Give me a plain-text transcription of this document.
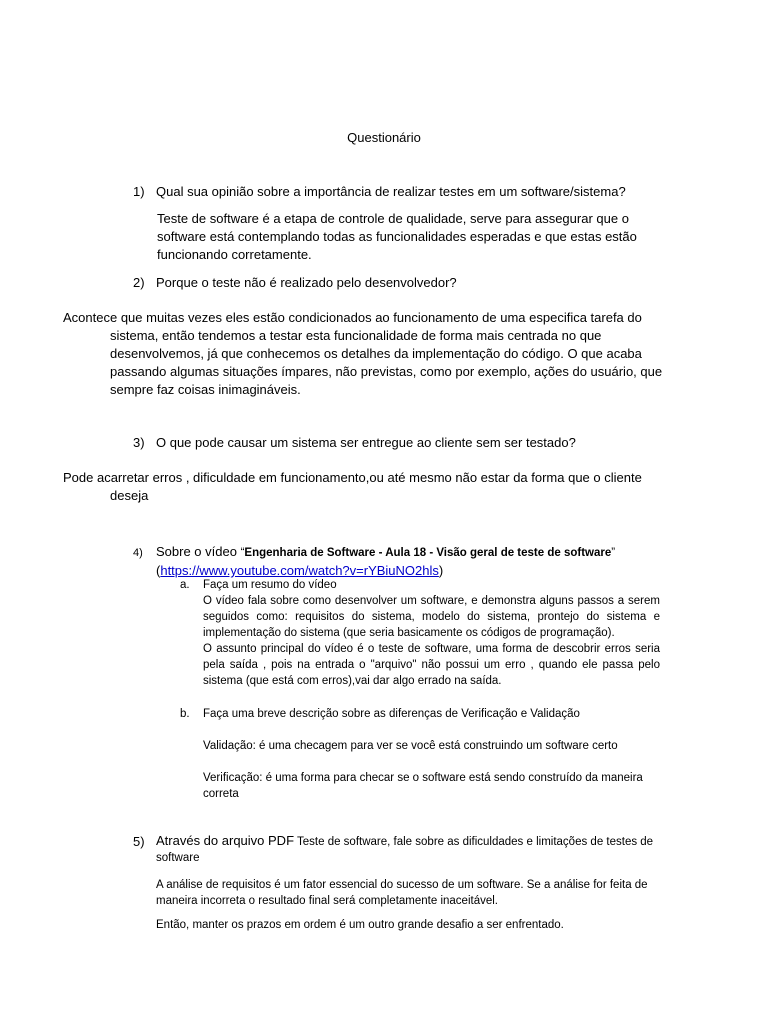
Questionário
1) Qual sua opinião sobre a importância de realizar testes em um software/sistema?
Teste de software é a etapa de controle de qualidade, serve para assegurar que o
software está contemplando todas as funcionalidades esperadas e que estas estão
funcionando corretamente.
2) Porque o teste não é realizado pelo desenvolvedor?
Acontece que muitas vezes eles estão condicionados ao funcionamento de uma especifica tarefa do
sistema, então tendemos a testar esta funcionalidade de forma mais centrada no que
desenvolvemos, já que conhecemos os detalhes da implementação do código. O que acaba
passando algumas situações ímpares, não previstas, como por exemplo, ações do usuário, que
sempre faz coisas inimagináveis.
3) O que pode causar um sistema ser entregue ao cliente sem ser testado?
Pode acarretar erros , dificuldade em funcionamento,ou até mesmo não estar da forma que o cliente
deseja
4)	Sobre o vídeo “Engenharia de Software - Aula 18 - Visão geral de teste de software”
(https://www.youtube.com/watch?v=rYBiuNO2hls)
a. Faça um resumo do vídeo
O vídeo fala sobre como desenvolver um software, e demonstra alguns passos a serem
seguidos como: requisitos do sistema, modelo do sistema, prontejo do sistema e
implementação do sistema (que seria basicamente os códigos de programação).
O assunto principal do vídeo é o teste de software, uma forma de descobrir erros seria
pela saída , pois na entrada o "arquivo" não possui um erro , quando ele passa pelo
sistema (que está com erros),vai dar algo errado na saída.
b. Faça uma breve descrição sobre as diferenças de Verificação e Validação
Validação: é uma checagem para ver se você está construindo um software certo
Verificação: é uma forma para checar se o software está sendo construído da maneira
correta
5) Através do arquivo PDF Teste de software, fale sobre as dificuldades e limitações de testes de
software
A análise de requisitos é um fator essencial do sucesso de um software. Se a análise for feita de
maneira incorreta o resultado final será completamente inaceitável.
Então, manter os prazos em ordem é um outro grande desafio a ser enfrentado.
